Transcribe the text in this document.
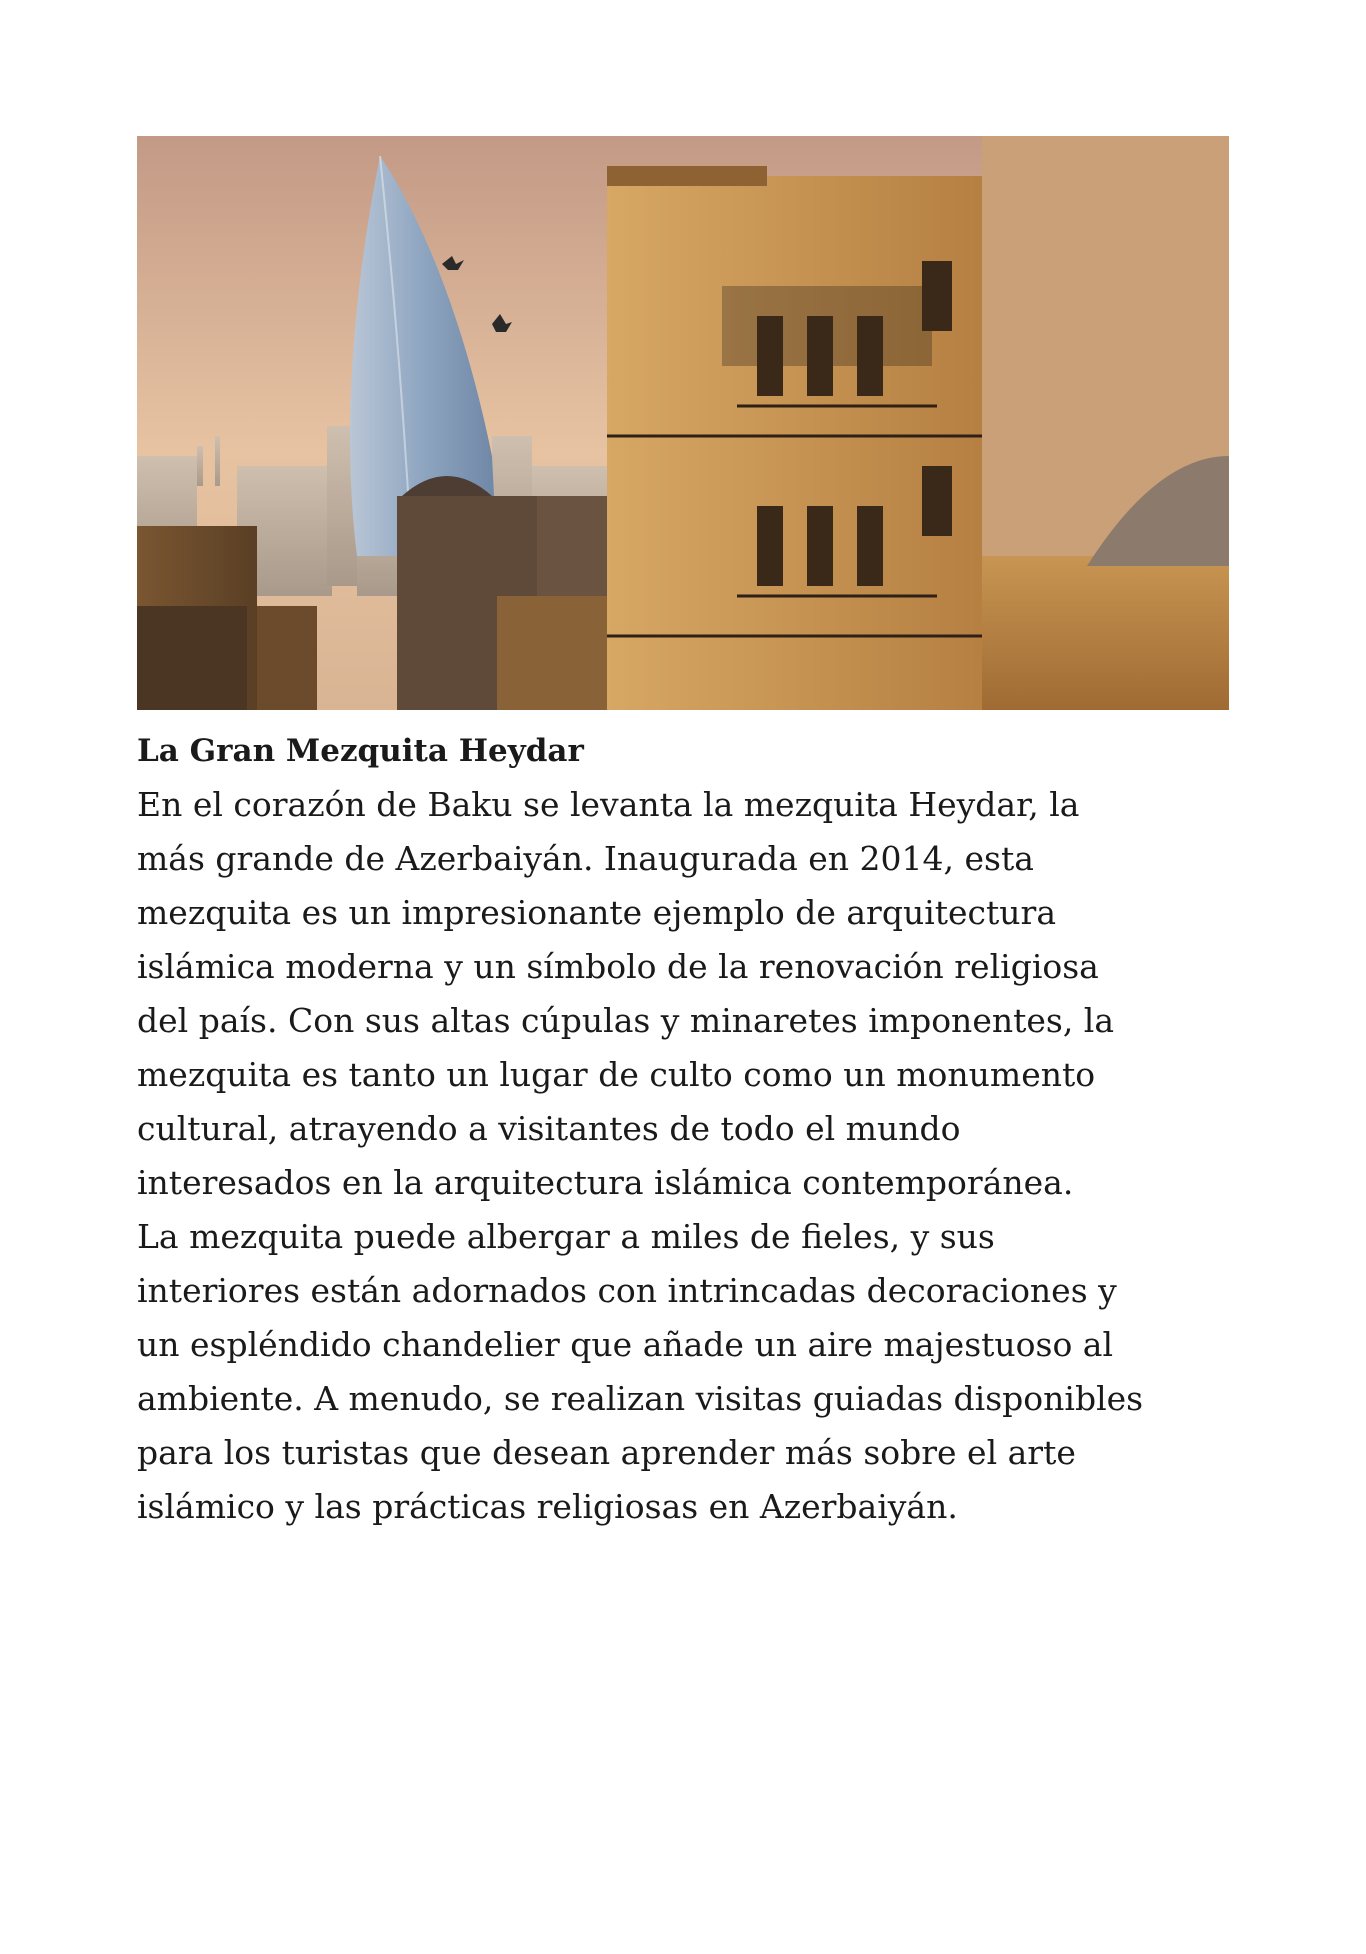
La Gran Mezquita Heydar

En el corazón de Baku se levanta la mezquita Heydar, la
más grande de Azerbaiyán. Inaugurada en 2014, esta
mezquita es un impresionante ejemplo de arquitectura
islámica moderna y un símbolo de la renovación religiosa
del país. Con sus altas cúpulas y minaretes imponentes, la
mezquita es tanto un lugar de culto como un monumento
cultural, atrayendo a visitantes de todo el mundo
interesados en la arquitectura islámica contemporánea.
La mezquita puede albergar a miles de fieles, y sus
interiores están adornados con intrincadas decoraciones y
un espléndido chandelier que añade un aire majestuoso al
ambiente. A menudo, se realizan visitas guiadas disponibles
para los turistas que desean aprender más sobre el arte
islámico y las prácticas religiosas en Azerbaiyán.
